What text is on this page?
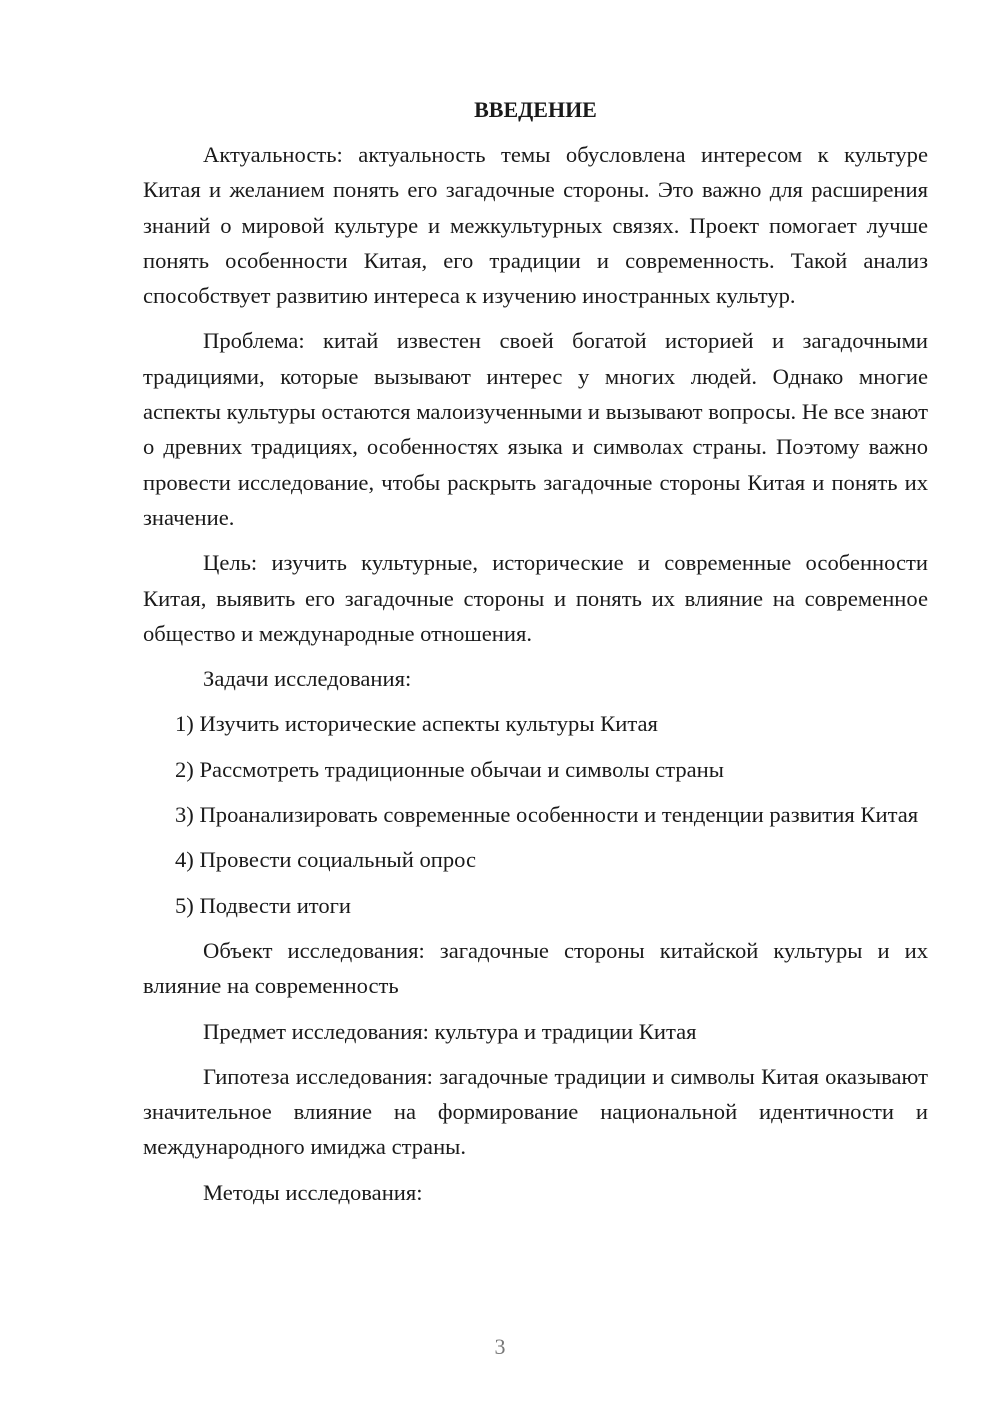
ВВЕДЕНИЕ

Актуальность: актуальность темы обусловлена интересом к культуре Китая и желанием понять его загадочные стороны. Это важно для расширения знаний о мировой культуре и межкультурных связях. Проект помогает лучше понять особенности Китая, его традиции и современность. Такой анализ способствует развитию интереса к изучению иностранных культур.

Проблема: китай известен своей богатой историей и загадочными традициями, которые вызывают интерес у многих людей. Однако многие аспекты культуры остаются малоизученными и вызывают вопросы. Не все знают о древних традициях, особенностях языка и символах страны. Поэтому важно провести исследование, чтобы раскрыть загадочные стороны Китая и понять их значение.

Цель: изучить культурные, исторические и современные особенности Китая, выявить его загадочные стороны и понять их влияние на современное общество и международные отношения.

Задачи исследования:

1) Изучить исторические аспекты культуры Китая

2) Рассмотреть традиционные обычаи и символы страны

3) Проанализировать современные особенности и тенденции развития Китая

4) Провести социальный опрос

5) Подвести итоги

Объект исследования: загадочные стороны китайской культуры и их влияние на современность

Предмет исследования: культура и традиции Китая

Гипотеза исследования: загадочные традиции и символы Китая оказывают значительное влияние на формирование национальной идентичности и международного имиджа страны.

Методы исследования:

3
